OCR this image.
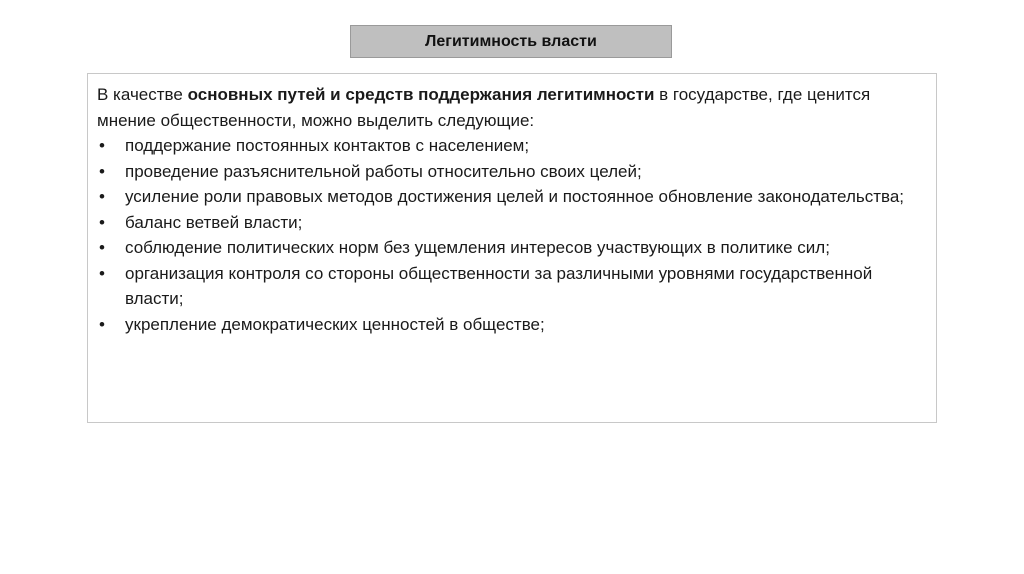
Легитимность власти

В качестве основных путей и средств поддержания легитимности в государстве, где ценится мнение общественности, можно выделить следующие:

• поддержание постоянных контактов с населением;
• проведение разъяснительной работы относительно своих целей;
• усиление роли правовых методов достижения целей и постоянное обновление законодательства;
• баланс ветвей власти;
• соблюдение политических норм без ущемления интересов участвующих в политике сил;
• организация контроля со стороны общественности за различными уровнями государственной власти;
• укрепление демократических ценностей в обществе;
